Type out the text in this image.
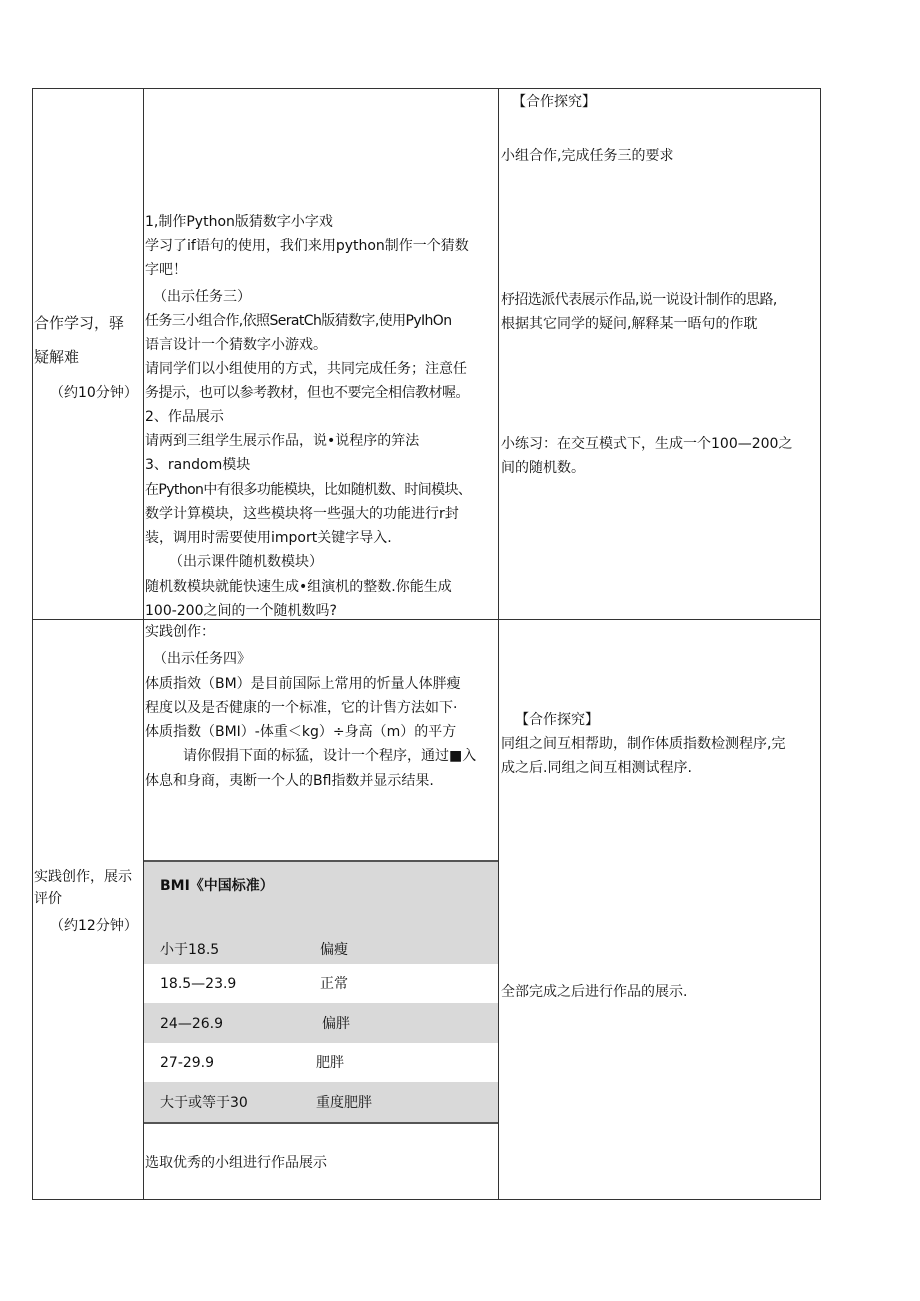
合作学习，驿
疑解难
（约10分钟）
1,制作Python版猜数字小字戏
学习了if语句的使用，我们来用python制作一个猜数
字吧！
（出示任务三）
任务三小组合作,依照SeratCh版猜数字,使用PyIhOn
语言设计一个猜数字小游戏。
请同学们以小组使用的方式，共同完成任务；注意任
务提示，也可以参考教材，但也不要完全相信教材喔。
2、作品展示
请两到三组学生展示作品，说•说程序的笄法
3、random模块
在Python中有很多功能模块，比如随机数、时间模块、
数学计算模块，这些模块将一些强大的功能进行r封
装，调用时需要使用import关键字导入.
（出示课件随机数模块）
随机数模块就能快速生成•组演机的整数.你能生成
100-200之间的一个随机数吗?
【合作探究】
小组合作,完成任务三的要求
杼招选派代表展示作品,说一说设计制作的思路,
根据其它同学的疑问,解释某一晤句的作耽
小练习：在交互模式下，生成一个100—200之
间的随机数。
实践创作，展示
评价
（约12分钟）
实践创作：
（出示任务四》
体质指效（BM）是目前国际上常用的忻量人体胖瘦
程度以及是否健康的一个标准，它的计售方法如下·
体质指数（BMI）-体重＜kg）÷身高（m）的平方
请你假捐下面的标猛，设计一个程序，通过■入
体息和身商，夷断一个人的Bfl指数并显示结果.
BMI《中国标准）
小于18.5	偏瘦
18.5—23.9	正常
24—26.9	偏胖
27-29.9	肥胖
大于或等于30	重度肥胖
选取优秀的小组进行作品展示
【合作探究】
同组之间互相帮助，制作体质指数检测程序,完
成之后.同组之间互相测试程序.
全部完成之后进行作品的展示.
